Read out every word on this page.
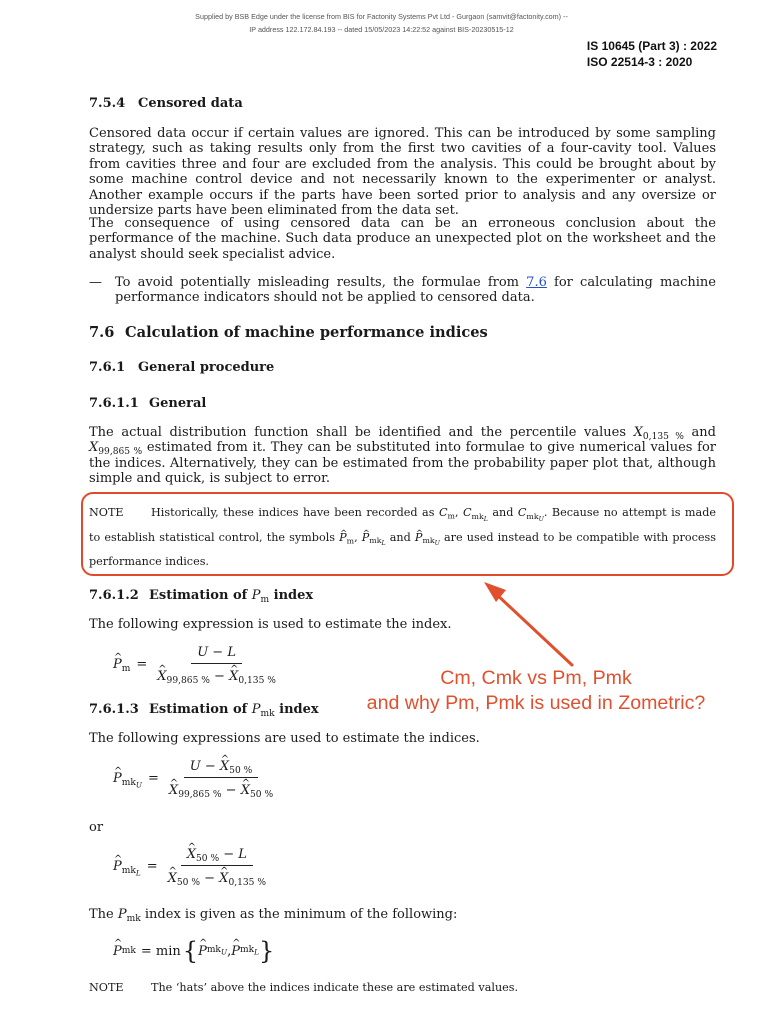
Supplied by BSB Edge under the license from BIS for Factonity Systems Pvt Ltd - Gurgaon (samvit@factonity.com) --
IP address 122.172.84.193 -- dated 15/05/2023 14:22:52 against BIS-20230515-12
IS 10645 (Part 3) : 2022
ISO 22514-3 : 2020
7.5.4 Censored data

Censored data occur if certain values are ignored. This can be introduced by some sampling strategy, such as taking results only from the first two cavities of a four-cavity tool. Values from cavities three and four are excluded from the analysis. This could be brought about by some machine control device and not necessarily known to the experimenter or analyst. Another example occurs if the parts have been sorted prior to analysis and any oversize or undersize parts have been eliminated from the data set.

The consequence of using censored data can be an erroneous conclusion about the performance of the machine. Such data produce an unexpected plot on the worksheet and the analyst should seek specialist advice.

— To avoid potentially misleading results, the formulae from 7.6 for calculating machine performance indicators should not be applied to censored data.

7.6 Calculation of machine performance indices
7.6.1 General procedure
7.6.1.1 General

The actual distribution function shall be identified and the percentile values $X_{0,135 \%}$ and $X_{99,865 \%}$ estimated from it. They can be substituted into formulae to give numerical values for the indices. Alternatively, they can be estimated from the probability paper plot that, although simple and quick, is subject to error.

NOTE Historically, these indices have been recorded as $C_m$, $C_{mk_L}$ and $C_{mk_U}$. Because no attempt is made to establish statistical control, the symbols ^ $P_m$, ^ $P_{mk_L}$ and ^ $P_{mk_U}$ are used instead to be compatible with process performance indices.
7.6.1.2 Estimation of $P_m$ index

The following expression is used to estimate the index.

^ $P_m = U - L$
^ $X_{99,865 \%}$ − ^ $X_{0,135 \%}$	Cm, Cmk vs Pm, Pmk
and why Pm, Pmk is used in Zometric?
7.6.1.3 Estimation of $P_{mk}$ index

The following expressions are used to estimate the indices.

^ $P_{mk_U} = U$ − ^ $X_{50 \%}$
^ $X_{99,865 \%}$ − ^ $X_{50 \%}$
or
^ $P_{mk_L}$ = ^ $X_{50 \%} - L$
^ $X_{50 \%}$ − ^ $X_{0,135 \%}$

The $P_{mk}$ index is given as the minimum of the following:

^ P mk = min { ^ P $mk_U$ , ^ P $mk_L$ }
NOTE The ‘hats’ above the indices indicate these are estimated values.
